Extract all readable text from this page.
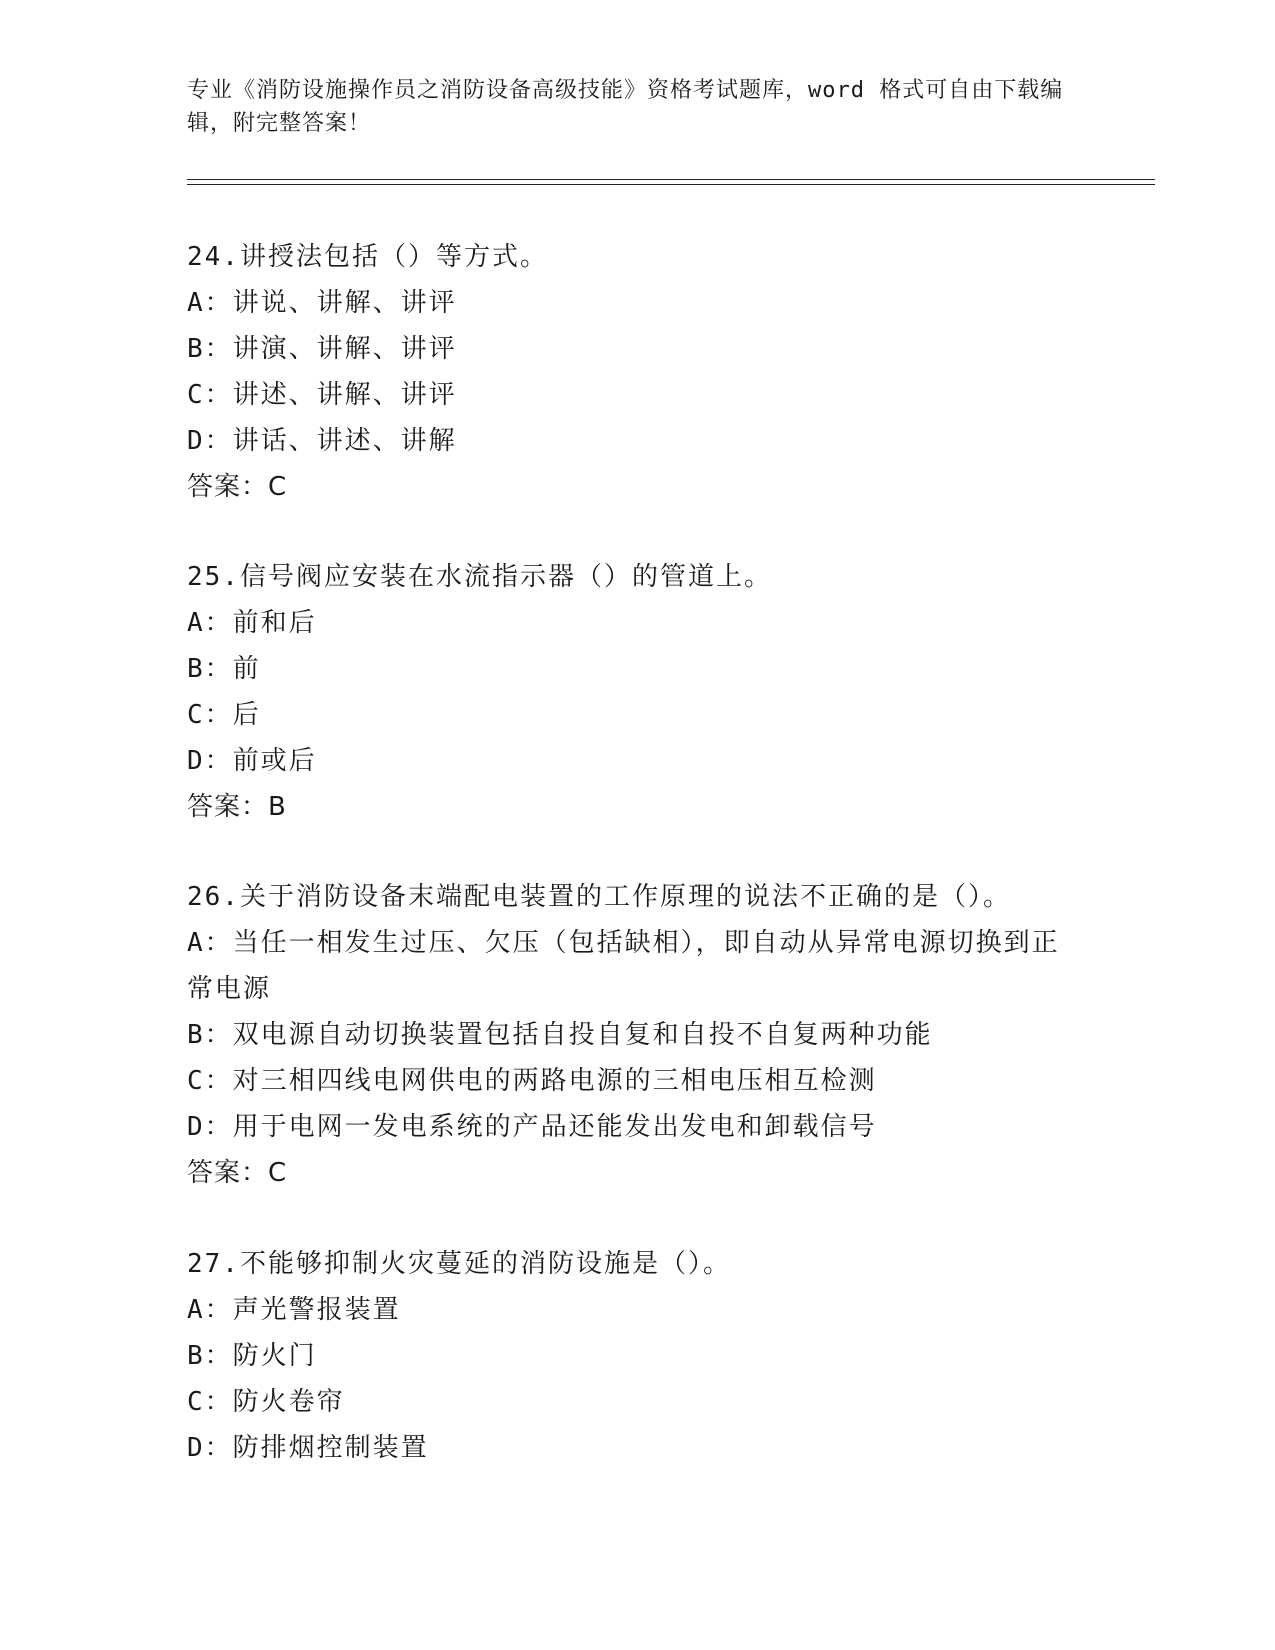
专业《消防设施操作员之消防设备高级技能》资格考试题库，word 格式可自由下载编辑，附完整答案！
24.讲授法包括（）等方式。
A：讲说、讲解、讲评
B：讲演、讲解、讲评
C：讲述、讲解、讲评
D：讲话、讲述、讲解
答案：C
25.信号阀应安装在水流指示器（）的管道上。
A：前和后
B：前
C：后
D：前或后
答案：B
26.关于消防设备末端配电装置的工作原理的说法不正确的是（）。
A：当任一相发生过压、欠压（包括缺相），即自动从异常电源切换到正常电源
B：双电源自动切换装置包括自投自复和自投不自复两种功能
C：对三相四线电网供电的两路电源的三相电压相互检测
D：用于电网一发电系统的产品还能发出发电和卸载信号
答案：C
27.不能够抑制火灾蔓延的消防设施是（）。
A：声光警报装置
B：防火门
C：防火卷帘
D：防排烟控制装置
